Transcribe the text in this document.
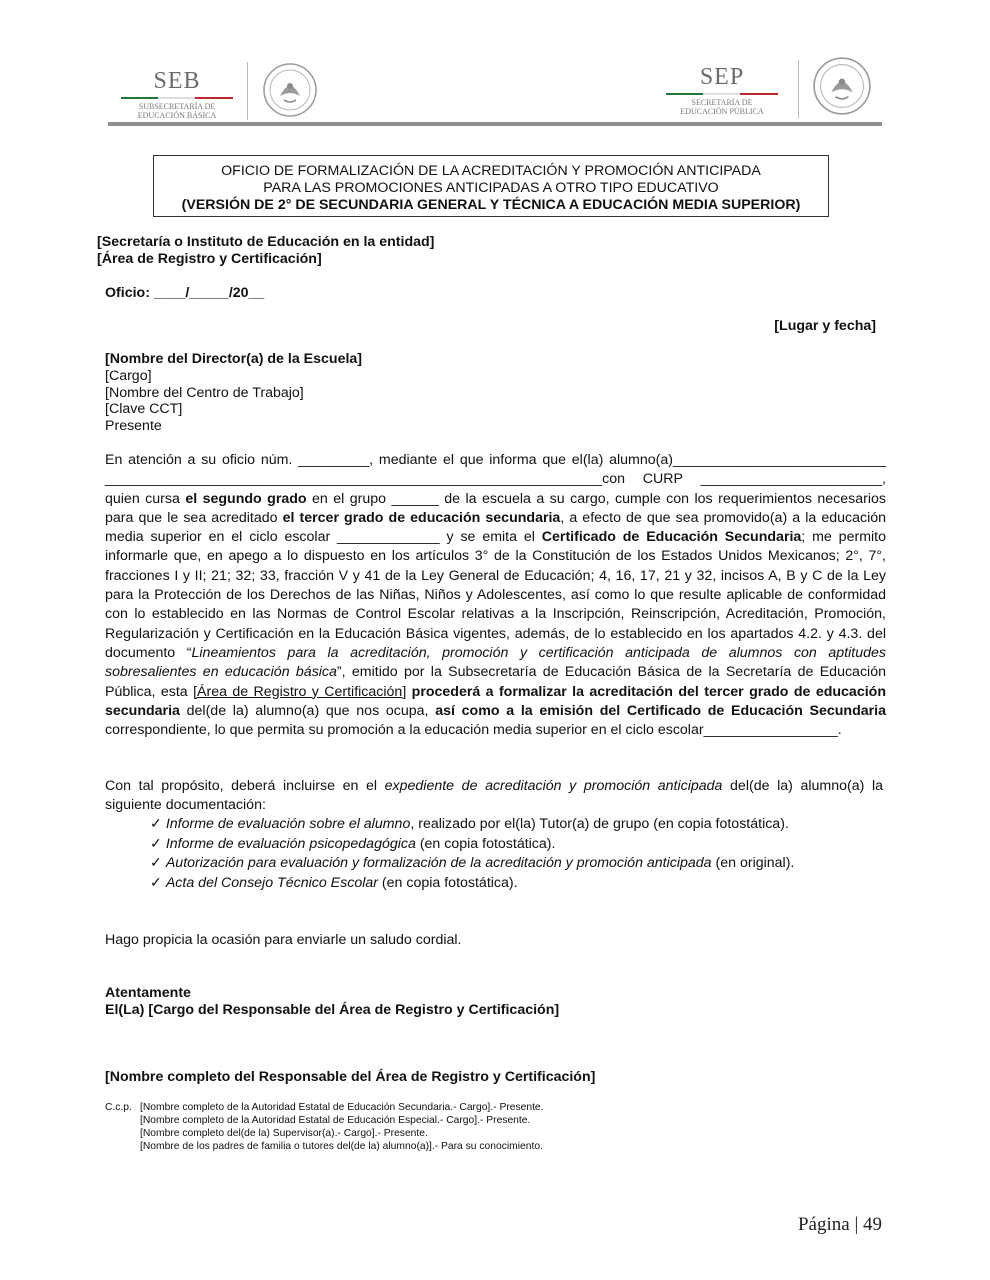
SEB
SUBSECRETARÍA DE
EDUCACIÓN BÁSICA
SEP
SECRETARÍA DE
EDUCACIÓN PÚBLICA
OFICIO DE FORMALIZACIÓN DE LA ACREDITACIÓN Y PROMOCIÓN ANTICIPADA
PARA LAS PROMOCIONES ANTICIPADAS A OTRO TIPO EDUCATIVO
(VERSIÓN DE 2° DE SECUNDARIA GENERAL Y TÉCNICA A EDUCACIÓN MEDIA SUPERIOR)
[Secretaría o Instituto de Educación en la entidad]
[Área de Registro y Certificación]
Oficio: ____/_____/20__
[Lugar y fecha]
[Nombre del Director(a) de la Escuela]
[Cargo]
[Nombre del Centro de Trabajo]
[Clave CCT]
Presente
En atención a su oficio núm. _________, mediante el que informa que el(la) alumno(a)___________________________ _______________________________________________________________con CURP _______________________, quien cursa el segundo grado en el grupo ______ de la escuela a su cargo, cumple con los requerimientos necesarios para que le sea acreditado el tercer grado de educación secundaria, a efecto de que sea promovido(a) a la educación media superior en el ciclo escolar _____________ y se emita el Certificado de Educación Secundaria; me permito informarle que, en apego a lo dispuesto en los artículos 3° de la Constitución de los Estados Unidos Mexicanos; 2°, 7°, fracciones I y II; 21; 32; 33, fracción V y 41 de la Ley General de Educación; 4, 16, 17, 21 y 32, incisos A, B y C de la Ley para la Protección de los Derechos de las Niñas, Niños y Adolescentes, así como lo que resulte aplicable de conformidad con lo establecido en las Normas de Control Escolar relativas a la Inscripción, Reinscripción, Acreditación, Promoción, Regularización y Certificación en la Educación Básica vigentes, además, de lo establecido en los apartados 4.2. y 4.3. del documento “Lineamientos para la acreditación, promoción y certificación anticipada de alumnos con aptitudes sobresalientes en educación básica”, emitido por la Subsecretaría de Educación Básica de la Secretaría de Educación Pública, esta [Área de Registro y Certificación] procederá a formalizar la acreditación del tercer grado de educación secundaria del(de la) alumno(a) que nos ocupa, así como a la emisión del Certificado de Educación Secundaria correspondiente, lo que permita su promoción a la educación media superior en el ciclo escolar_________________.
Con tal propósito, deberá incluirse en el expediente de acreditación y promoción anticipada del(de la) alumno(a) la siguiente documentación:
✓ Informe de evaluación sobre el alumno, realizado por el(la) Tutor(a) de grupo (en copia fotostática).
✓ Informe de evaluación psicopedagógica (en copia fotostática).
✓ Autorización para evaluación y formalización de la acreditación y promoción anticipada (en original).
✓ Acta del Consejo Técnico Escolar (en copia fotostática).
Hago propicia la ocasión para enviarle un saludo cordial.
Atentamente
El(La) [Cargo del Responsable del Área de Registro y Certificación]
[Nombre completo del Responsable del Área de Registro y Certificación]
C.c.p. [Nombre completo de la Autoridad Estatal de Educación Secundaria.- Cargo].- Presente.
[Nombre completo de la Autoridad Estatal de Educación Especial.- Cargo].- Presente.
[Nombre completo del(de la) Supervisor(a).- Cargo].- Presente.
[Nombre de los padres de familia o tutores del(de la) alumno(a)].- Para su conocimiento.
Página | 49
